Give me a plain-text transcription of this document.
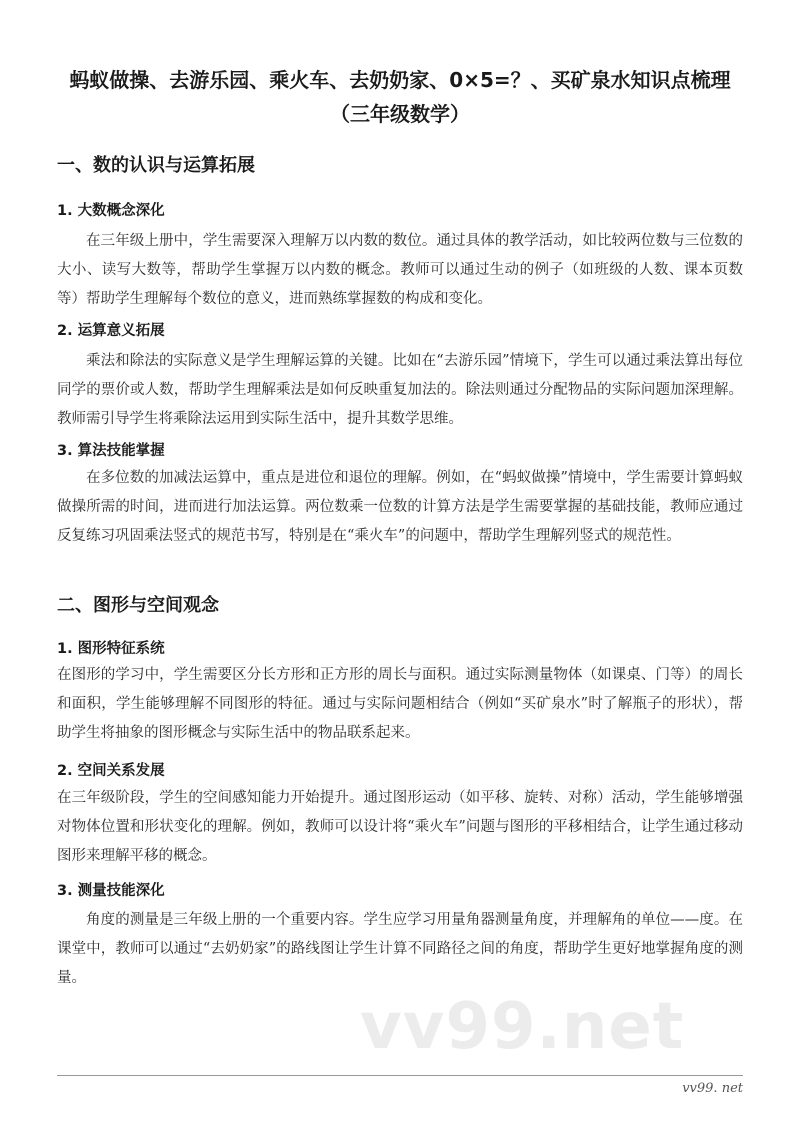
蚂蚁做操、去游乐园、乘火车、去奶奶家、0×5=？、买矿泉水知识点梳理
（三年级数学）
一、数的认识与运算拓展
1. 大数概念深化

在三年级上册中，学生需要深入理解万以内数的数位。通过具体的教学活动，如比较两位数与三位数的大小、读写大数等，帮助学生掌握万以内数的概念。教师可以通过生动的例子（如班级的人数、课本页数等）帮助学生理解每个数位的意义，进而熟练掌握数的构成和变化。

2. 运算意义拓展

乘法和除法的实际意义是学生理解运算的关键。比如在“去游乐园”情境下，学生可以通过乘法算出每位同学的票价或人数，帮助学生理解乘法是如何反映重复加法的。除法则通过分配物品的实际问题加深理解。教师需引导学生将乘除法运用到实际生活中，提升其数学思维。

3. 算法技能掌握

在多位数的加减法运算中，重点是进位和退位的理解。例如，在“蚂蚁做操”情境中，学生需要计算蚂蚁做操所需的时间，进而进行加法运算。两位数乘一位数的计算方法是学生需要掌握的基础技能，教师应通过反复练习巩固乘法竖式的规范书写，特别是在“乘火车”的问题中，帮助学生理解列竖式的规范性。

二、图形与空间观念
1. 图形特征系统

在图形的学习中，学生需要区分长方形和正方形的周长与面积。通过实际测量物体（如课桌、门等）的周长和面积，学生能够理解不同图形的特征。通过与实际问题相结合（例如“买矿泉水”时了解瓶子的形状），帮助学生将抽象的图形概念与实际生活中的物品联系起来。

2. 空间关系发展

在三年级阶段，学生的空间感知能力开始提升。通过图形运动（如平移、旋转、对称）活动，学生能够增强对物体位置和形状变化的理解。例如，教师可以设计将“乘火车”问题与图形的平移相结合，让学生通过移动图形来理解平移的概念。

3. 测量技能深化

角度的测量是三年级上册的一个重要内容。学生应学习用量角器测量角度，并理解角的单位——度。在课堂中，教师可以通过“去奶奶家”的路线图让学生计算不同路径之间的角度，帮助学生更好地掌握角度的测量。

vv99.net
vv99. net
